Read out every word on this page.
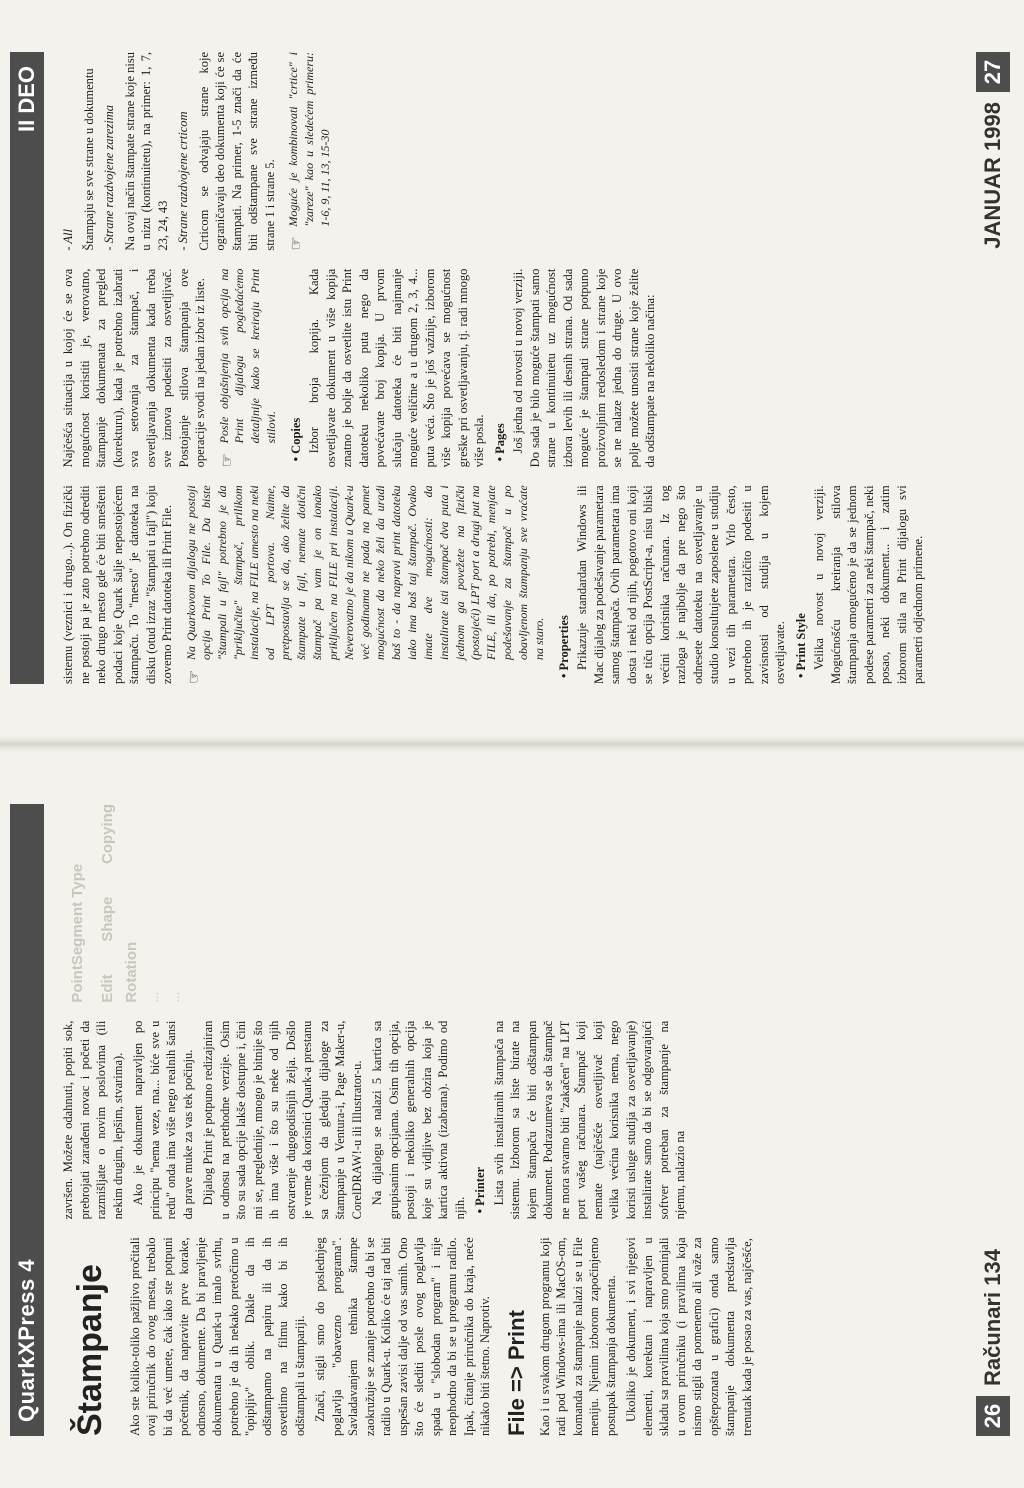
II DEO

sistemu (veznici i drugo...). On fizički ne postoji pa je zato potrebno odrediti neko drugo mesto gde će biti smešteni podaci koje Quark šalje nepostojećem štampaču. To "mesto" je datoteka na disku (otud izraz "štampati u fajl") koju zovemo Print datoteka ili Print File. ☞
Na Quarkovom dijalogu ne postoji opcija Print To File. Da biste "štampali u fajl" potrebno je da "priključite" štampač, prilikom instalacije, na FILE umesto na neki od LPT portova. Naime, pretpostavlja se da, ako želite da štampate u fajl, nemate dotični štampač pa vam je on ionako priključen na FILE pri instalaciji. Neverovatno je da nikom u Quark-u već godinama ne pada na pamet mogućnost da neko želi da uradi baš to - da napravi print datoteku iako ima baš taj štampač. Ovako imate dve mogućnosti: da instalirate isti štampač dva puta i jednom ga povežete na fizički (postojeći) LPT port a drugi put na FILE, ili da, po potrebi, menjate podešavanje za štampač u po obavljenom štampanju sve vraćate na staro. • Properties Prikazuje standardan Windows ili Mac dijalog za podešavanje parametara samog štampača. Ovih parametara ima dosta i neki od njih, pogotovo oni koji se tiču opcija PostScript-a, nisu bliski većini korisnika računara. Iz tog razloga je najbolje da pre nego što odnesete datoteku na osvetljavanje u studio konsultujete zaposlene u studiju u vezi tih parametara. Vrlo često, potrebno ih je različito podesiti u zavisnosti od studija u kojem osvetljavate. • Print Style Velika novost u novoj verziji. Mogućnošću kreiranja stilova štampanja omogućeno je da se jednom podese parametri za neki štampač, neki posao, neki dokument... i zatim izborom stila na Print dijalogu svi parametri odjednom primene.

Najčešća situacija u kojoj će se ova mogućnost koristiti je, verovatno, štampanje dokumenata za pregled (korekturu), kada je potrebno izabrati sva setovanja za štampač, i osvetljavanja dokumenta kada treba sve iznova podesiti za osvetljivač. Postojanje stilova štampanja ove operacije svodi na jedan izbor iz liste. ☞
Posle objašnjenja svih opcija na Print dijalogu pogledaćemo detaljnije kako se kreiraju Print stilovi. • Copies Izbor broja kopija. Kada osvetljavate dokument u više kopija znatno je bolje da osvetlite istu Print datoteku nekoliko puta nego da povećavate broj kopija. U prvom slučaju datoteka će biti najmanje moguće veličine a u drugom 2, 3, 4... puta veća. Što je još važnije, izborom više kopija povećava se mogućnost greške pri osvetljavanju, tj. radi mnogo više posla. • Pages Još jedna od novosti u novoj verziji. Do sada je bilo moguće štampati samo strane u kontinuitetu uz mogućnost izbora levih ili desnih strana. Od sada moguće je štampati strane potpuno proizvoljnim redosledom i strane koje se ne nalaze jedna do druge. U ovo polje možete unositi strane koje želite da odštampate na nekoliko načina:

- All Štampaju se sve strane u dokumentu - Strane razdvojene zarezima Na ovaj način štampate strane koje nisu u nizu (kontinuitetu), na primer: 1, 7, 23, 24, 43 - Strane razdvojene crticom Crticom se odvajaju strane koje ograničavaju deo dokumenta koji će se štampati. Na primer, 1-5 znači da će biti odštampane sve strane između strane 1 i strane 5. ☞
Moguće je kombinovati "crtice" i "zareze" kao u sledećem primeru: 1-6, 9, 11, 13, 15-30	JANUAR 1998
27
QuarkXPress 4 Štampanje	Ako ste koliko-toliko pažljivo pročitali ovaj priručnik do ovog mesta, trebalo bi da već umete, čak iako ste potpuni početnik, da napravite prve korake, odnosno, dokumente. Da bi pravljenje dokumenata u Quark-u imalo svrhu, potrebno je da ih nekako pretočimo u "opipljiv" oblik. Dakle da ih odštampamo na papiru ili da ih osvetlimo na filmu kako bi ih odštampali u štampariji. Znači, stigli smo do poslednjeg poglavlja "obavezno programa". Savladavanjem tehnika štampe zaokružuje se znanje potrebno da bi se radilo u Quark-u. Koliko će taj rad biti uspešan zavisi dalje od vas samih. Ono što će slediti posle ovog poglavlja spada u "slobodan program" i nije neophodno da bi se u programu radilo. Ipak, čitanje priručnika do kraja, neće nikako biti štetno. Naprotiv. File => Print Kao i u svakom drugom programu koji radi pod Windows-ima ili MacOS-om, komanda za štampanje nalazi se u File meniju. Njenim izborom započinjemo postupak štampanja dokumenta. Ukoliko je dokument, i svi njegovi elementi, korektan i napravljen u skladu sa pravilima koja smo pominjali u ovom priručniku (i pravilima koja nismo stigli da pomenemo ali važe za opštepoznata u grafici) onda samo štampanje dokumenta predstavlja trenutak kada je posao za vas, najčešće,

završen. Možete odahnuti, popiti sok, prebrojati zarađeni novac i početi da razmišljate o novim poslovima (ili nekim drugim, lepšim, stvarima). Ako je dokument napravljen po principu "nema veze, ma... biće sve u redu" onda ima više nego realnih šansi da prave muke za vas tek počinju. Dijalog Print je potpuno redizajniran u odnosu na prethodne verzije. Osim što su sada opcije lakše dostupne i, čini mi se, preglednije, mnogo je bitnije što ih ima više i što su neke od njih ostvarenje dugogodišnjih želja. Došlo je vreme da korisnici Quark-a prestanu sa čežnjom da gledaju dijaloge za štampanje u Ventura-i, Page Maker-u, CorelDRAW!-u ili Illustrator-u. Na dijalogu se nalazi 5 kartica sa grupisanim opcijama. Osim tih opcija, postoji i nekoliko generalnih opcija koje su vidljive bez obzira koja je kartica aktivna (izabrana). Podimo od njih. • Printer Lista svih instaliranih štampača na sistemu. Izborom sa liste birate na kojem štampaču će biti odštampan dokument. Podrazumeva se da štampač ne mora stvarno biti "zakačen" na LPT port vašeg računara. Štampač koji nemate (najčešće osvetljivač koji velika većina korisnika nema, nego koristi usluge studija za osvetljavanje) instalirate samo da bi se odgovarajući softver potreban za štampanje na njemu, nalazio na

PointSegment Type Edit Shape Copying Rotation ... ...
26
Računari 134
